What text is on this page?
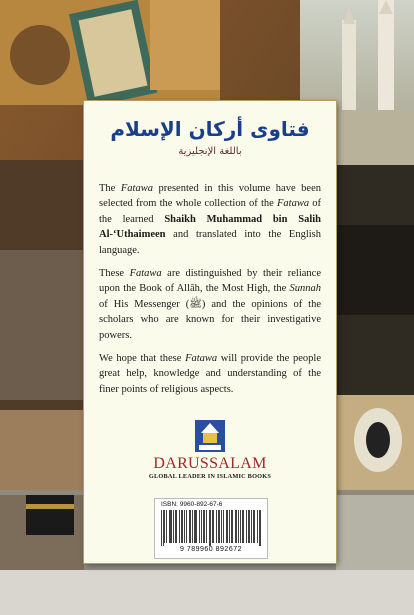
فتاوى أركان الإسلام
باللغة الإنجليزية

The Fatawa presented in this volume have been selected from the whole collection of the Fatawa of the learned Shaikh Muhammad bin Salih Al-‘Uthaimeen and translated into the English language.

These Fatawa are distinguished by their reliance upon the Book of Allâh, the Most High, the Sunnah of His Messenger (ﷺ) and the opinions of the scholars who are known for their investigative powers.

We hope that these Fatawa will provide the people great help, knowledge and understanding of the finer points of religious aspects.

DARUSSALAM
GLOBAL LEADER IN ISLAMIC BOOKS
ISBN: 9960-892-67-6
9 789960 892672
